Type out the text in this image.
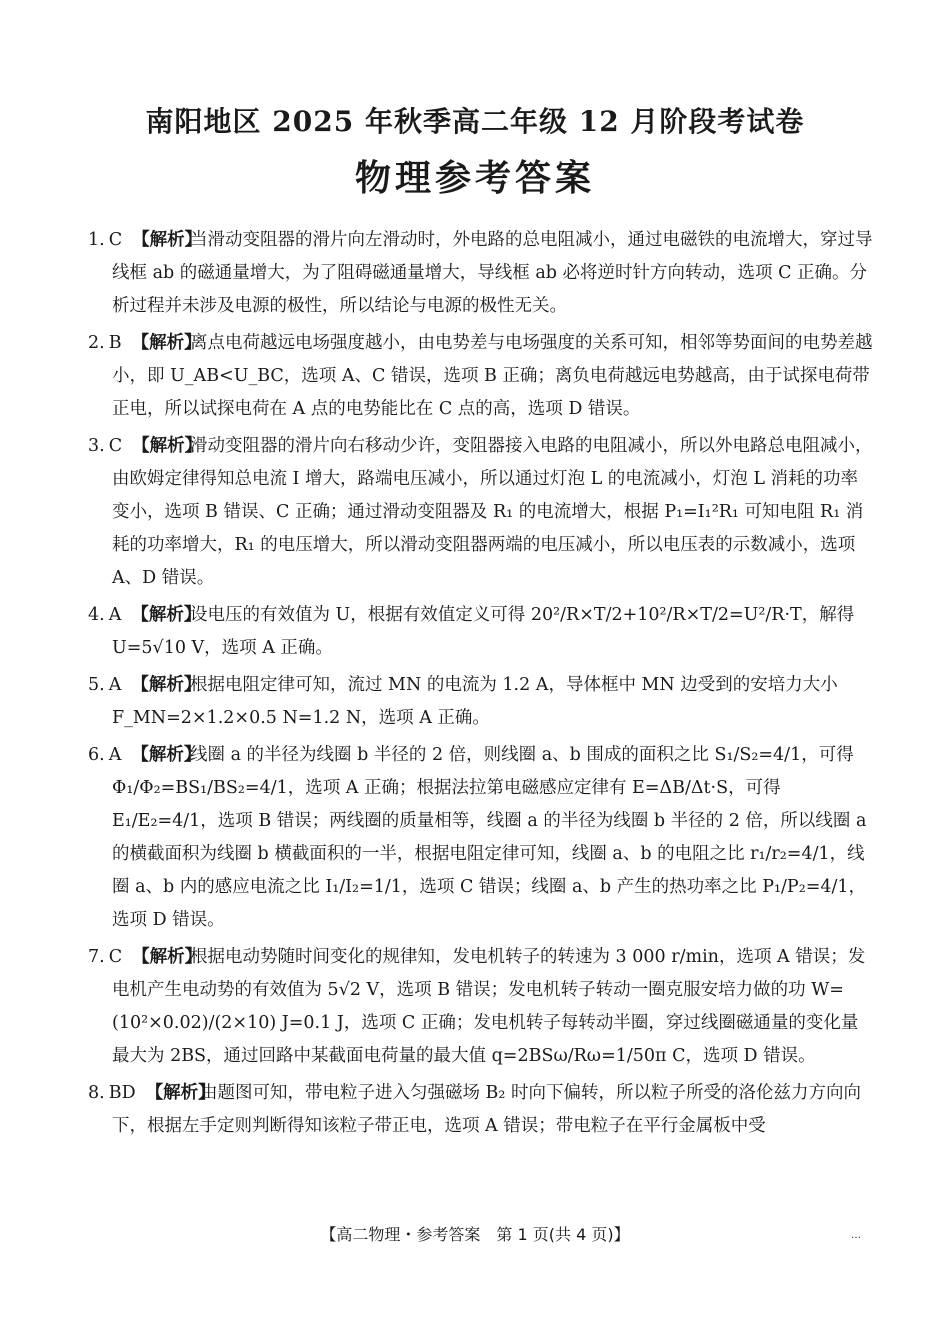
南阳地区 2025 年秋季高二年级 12 月阶段考试卷
物理参考答案
1. C 【解析】
当滑动变阻器的滑片向左滑动时，外电路的总电阻减小，通过电磁铁的电流增大，穿过导线框 ab 的磁通量增大，为了阻碍磁通量增大，导线框 ab 必将逆时针方向转动，选项 C 正确。分析过程并未涉及电源的极性，所以结论与电源的极性无关。
2. B 【解析】
离点电荷越远电场强度越小，由电势差与电场强度的关系可知，相邻等势面间的电势差越小，即 U_AB<U_BC，选项 A、C 错误，选项 B 正确；离负电荷越远电势越高，由于试探电荷带正电，所以试探电荷在 A 点的电势能比在 C 点的高，选项 D 错误。
3. C 【解析】
滑动变阻器的滑片向右移动少许，变阻器接入电路的电阻减小，所以外电路总电阻减小，由欧姆定律得知总电流 I 增大，路端电压减小，所以通过灯泡 L 的电流减小，灯泡 L 消耗的功率变小，选项 B 错误、C 正确；通过滑动变阻器及 R₁ 的电流增大，根据 P₁=I₁²R₁ 可知电阻 R₁ 消耗的功率增大，R₁ 的电压增大，所以滑动变阻器两端的电压减小，所以电压表的示数减小，选项 A、D 错误。
4. A 【解析】
设电压的有效值为 U，根据有效值定义可得 20²/R×T/2+10²/R×T/2=U²/R·T，解得 U=5√10 V，选项 A 正确。
5. A 【解析】
根据电阻定律可知，流过 MN 的电流为 1.2 A，导体框中 MN 边受到的安培力大小 F_MN=2×1.2×0.5 N=1.2 N，选项 A 正确。
6. A 【解析】
线圈 a 的半径为线圈 b 半径的 2 倍，则线圈 a、b 围成的面积之比 S₁/S₂=4/1，可得 Φ₁/Φ₂=BS₁/BS₂=4/1，选项 A 正确；根据法拉第电磁感应定律有 E=ΔB/Δt·S，可得 E₁/E₂=4/1，选项 B 错误；两线圈的质量相等，线圈 a 的半径为线圈 b 半径的 2 倍，所以线圈 a 的横截面积为线圈 b 横截面积的一半，根据电阻定律可知，线圈 a、b 的电阻之比 r₁/r₂=4/1，线圈 a、b 内的感应电流之比 I₁/I₂=1/1，选项 C 错误；线圈 a、b 产生的热功率之比 P₁/P₂=4/1，选项 D 错误。
7. C 【解析】
根据电动势随时间变化的规律知，发电机转子的转速为 3 000 r/min，选项 A 错误；发电机产生电动势的有效值为 5√2 V，选项 B 错误；发电机转子转动一圈克服安培力做的功 W=(10²×0.02)/(2×10) J=0.1 J，选项 C 正确；发电机转子每转动半圈，穿过线圈磁通量的变化量最大为 2BS，通过回路中某截面电荷量的最大值 q=2BSω/Rω=1/50π C，选项 D 错误。
8. BD 【解析】
由题图可知，带电粒子进入匀强磁场 B₂ 时向下偏转，所以粒子所受的洛伦兹力方向向下，根据左手定则判断得知该粒子带正电，选项 A 错误；带电粒子在平行金属板中受
【高二物理・参考答案　第 1 页(共 4 页)】	…
